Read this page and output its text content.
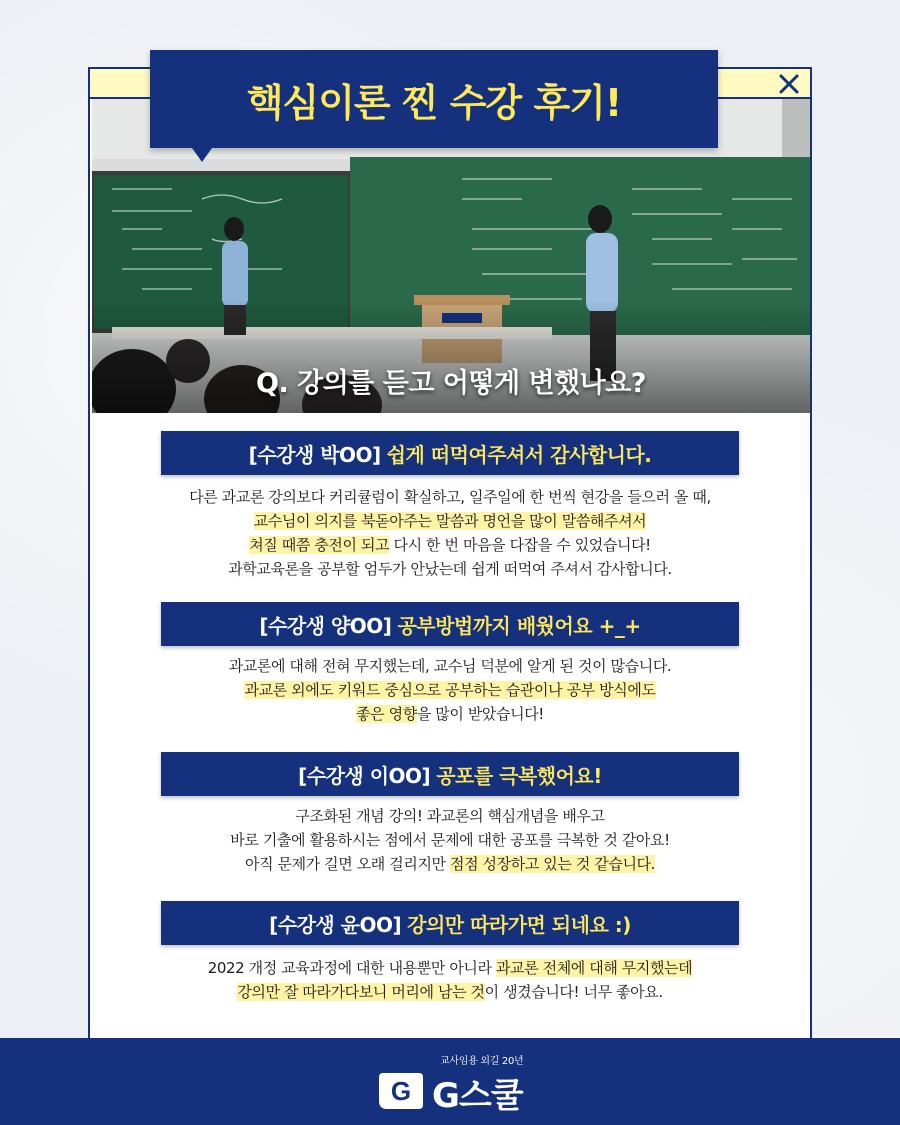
Q. 강의를 듣고 어떻게 변했나요?
핵심이론 찐 수강 후기!
[수강생 박OO] 쉽게 떠먹여주셔서 감사합니다.

다른 과교론 강의보다 커리큘럼이 확실하고, 일주일에 한 번씩 현강을 들으러 올 때,

교수님이 의지를 북돋아주는 말씀과 명언을 많이 말씀해주셔서

쳐질 때쯤 충전이 되고 다시 한 번 마음을 다잡을 수 있었습니다!

과학교육론을 공부할 엄두가 안났는데 쉽게 떠먹여 주셔서 감사합니다.

[수강생 양OO] 공부방법까지 배웠어요 +_+

과교론에 대해 전혀 무지했는데, 교수님 덕분에 알게 된 것이 많습니다.

과교론 외에도 키워드 중심으로 공부하는 습관이나 공부 방식에도

좋은 영향을 많이 받았습니다!

[수강생 이OO] 공포를 극복했어요!

구조화된 개념 강의! 과교론의 핵심개념을 배우고

바로 기출에 활용하시는 점에서 문제에 대한 공포를 극복한 것 같아요!

아직 문제가 길면 오래 걸리지만 점점 성장하고 있는 것 같습니다.

[수강생 윤OO] 강의만 따라가면 되네요 :)

2022 개정 교육과정에 대한 내용뿐만 아니라 과교론 전체에 대해 무지했는데

강의만 잘 따라가다보니 머리에 남는 것이 생겼습니다! 너무 좋아요.

교사임용 외길 20년
G G스쿨
